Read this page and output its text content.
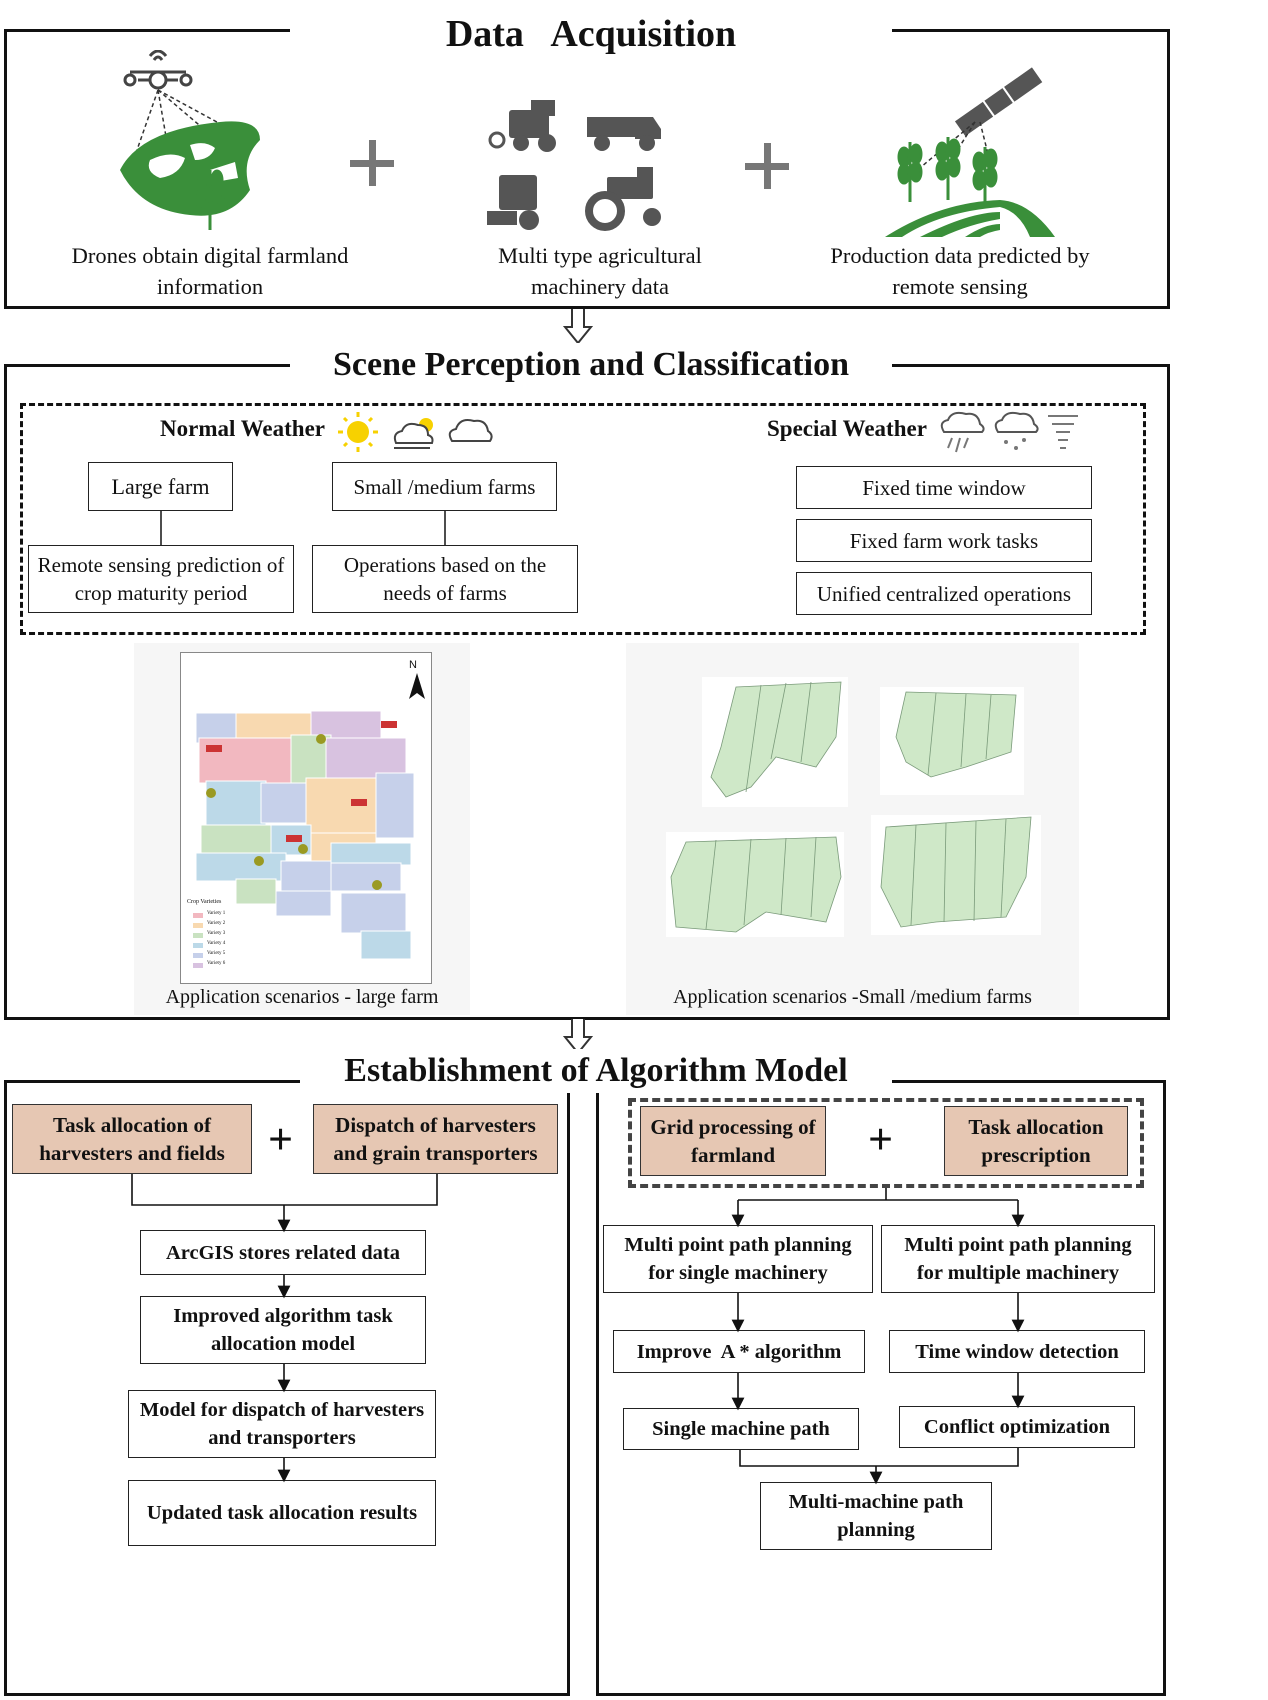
Data   Acquisition
Drones obtain digital farmland information
Multi type agricultural machinery data
Production data predicted by remote sensing
Scene Perception and Classification
Normal Weather
Large farm	Small /medium farms
Remote sensing prediction of crop maturity period
Operations based on the needs of farms
Special Weather
Fixed time window
Fixed farm work tasks
Unified centralized operations
N
Crop Varieties
Variety 1
Variety 2
Variety 3
Variety 4
Variety 5
Variety 6
Application scenarios - large farm	Application scenarios -Small /medium farms
Establishment of Algorithm Model
Task allocation of harvesters and fields +	Dispatch of harvesters and grain transporters
ArcGIS stores related data
Improved algorithm task allocation model
Model for dispatch of harvesters and transporters
Updated task allocation results
Grid processing of farmland	+	Task allocation prescription
Multi point path planning for single machinery
Multi point path planning for multiple machinery
Improve  A * algorithm	Time window detection
Single machine path	Conflict optimization
Multi-machine path planning
